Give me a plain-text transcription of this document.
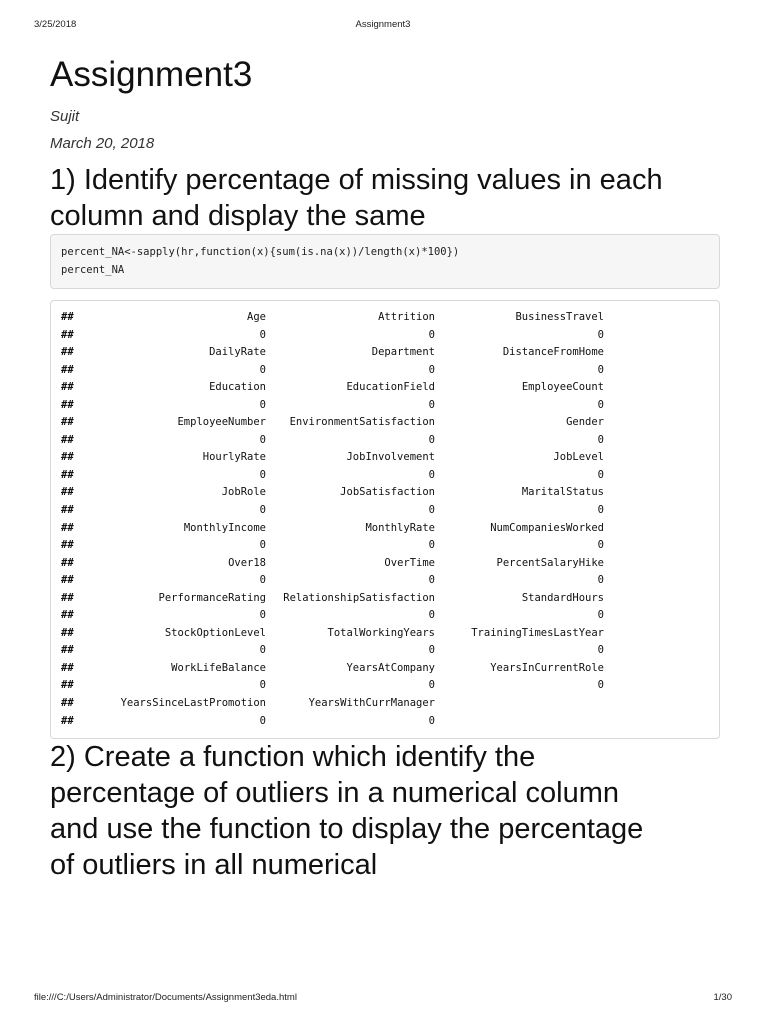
3/25/2018	Assignment3
Assignment3
Sujit
March 20, 2018
1) Identify percentage of missing values in each column and display the same
percent_NA<-sapply(hr,function(x){sum(is.na(x))/length(x)*100})
percent_NA
##	Age	Attrition	BusinessTravel
##	0	0	0
##	DailyRate	Department	DistanceFromHome
##	0	0	0
##	Education	EducationField	EmployeeCount
##	0	0	0
##	EmployeeNumber	EnvironmentSatisfaction	Gender
##	0	0	0
##	HourlyRate	JobInvolvement	JobLevel
##	0	0	0
##	JobRole	JobSatisfaction	MaritalStatus
##	0	0	0
##	MonthlyIncome	MonthlyRate	NumCompaniesWorked
##	0	0	0
##	Over18	OverTime	PercentSalaryHike
##	0	0	0
##	PerformanceRating	RelationshipSatisfaction	StandardHours
##	0	0	0
##	StockOptionLevel	TotalWorkingYears	TrainingTimesLastYear
##	0	0	0
##	WorkLifeBalance	YearsAtCompany	YearsInCurrentRole
##	0	0	0
##	YearsSinceLastPromotion	YearsWithCurrManager
##	0	0
2) Create a function which identify the
percentage of outliers in a numerical column
and use the function to display the percentage
of outliers in all numerical
file:///C:/Users/Administrator/Documents/Assignment3eda.html	1/30
